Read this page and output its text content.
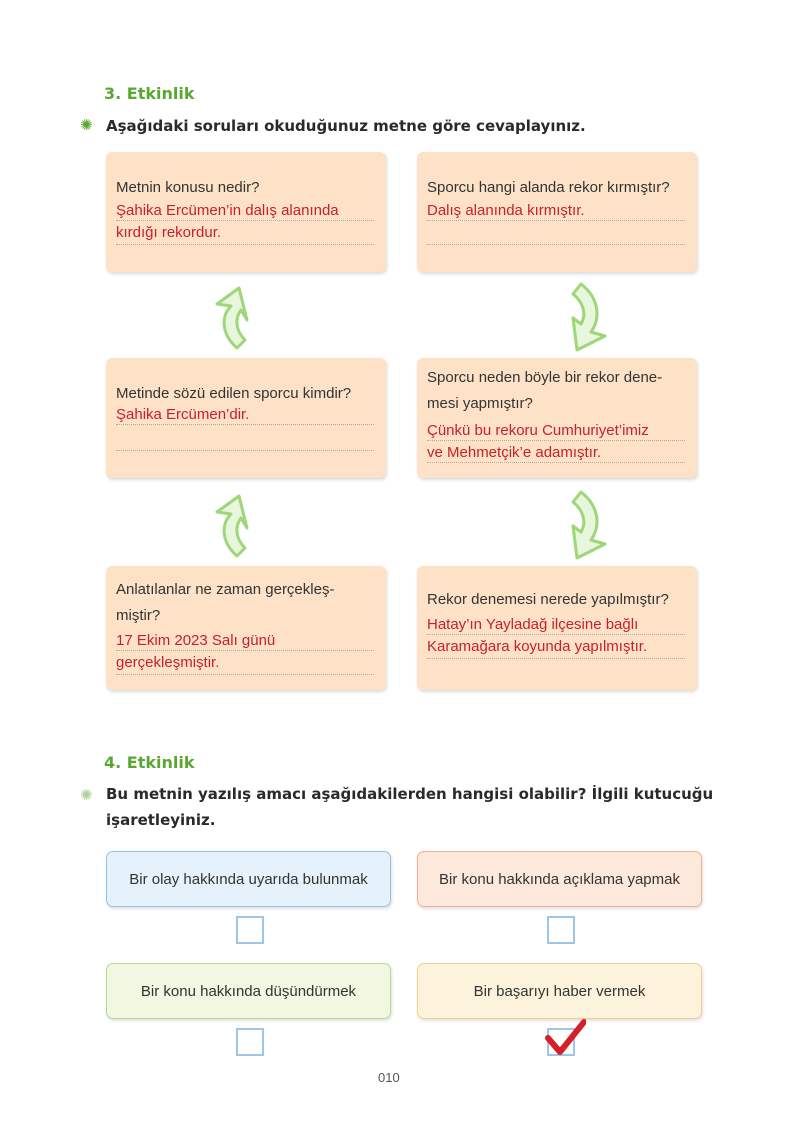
3. Etkinlik
✺ Aşağıdaki soruları okuduğunuz metne göre cevaplayınız.
Metnin konusu nedir?
Şahika Ercümen’in dalış alanında
kırdığı rekordur.
Sporcu hangi alanda rekor kırmıştır?
Dalış alanında kırmıştır.
Metinde sözü edilen sporcu kimdir?
Şahika Ercümen’dir.
Sporcu neden böyle bir rekor dene-
mesi yapmıştır?
Çünkü bu rekoru Cumhuriyet’imiz
ve Mehmetçik’e adamıştır.
Anlatılanlar ne zaman gerçekleş-
miştir?
17 Ekim 2023 Salı günü
gerçekleşmiştir.
Rekor denemesi nerede yapılmıştır?
Hatay’ın Yayladağ ilçesine bağlı
Karamağara koyunda yapılmıştır.
4. Etkinlik
✺ Bu metnin yazılış amacı aşağıdakilerden hangisi olabilir? İlgili kutucuğu
işaretleyiniz.
Bir olay hakkında uyarıda bulunmak	Bir konu hakkında açıklama yapmak
Bir konu hakkında düşündürmek	Bir başarıyı haber vermek
010
